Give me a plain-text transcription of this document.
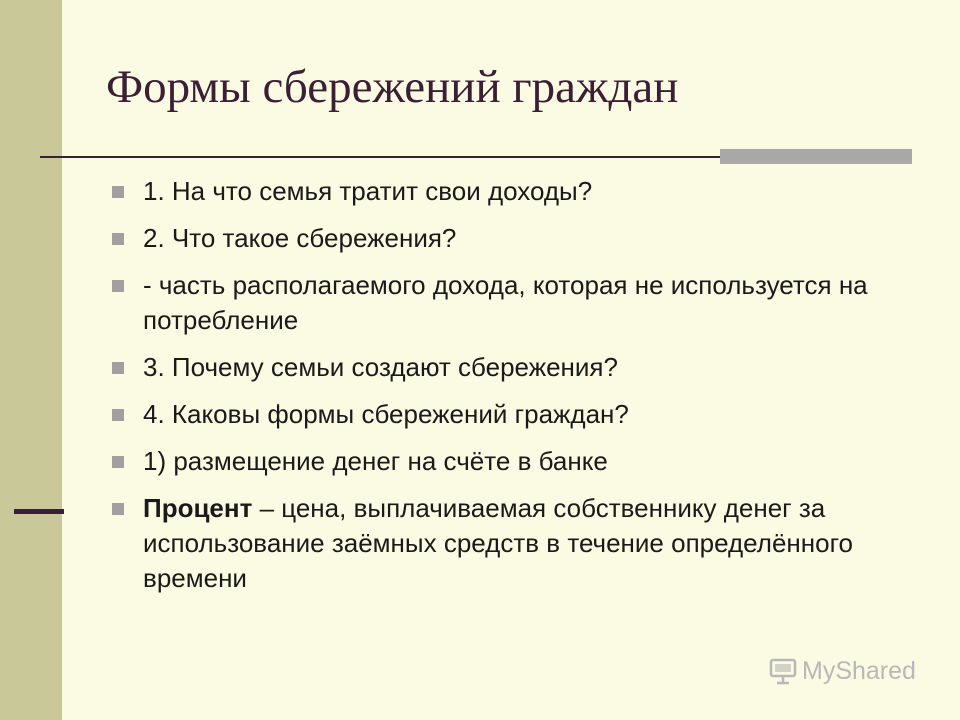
Формы сбережений граждан
1. На что семья тратит свои доходы?
2. Что такое сбережения?
- часть располагаемого дохода, которая не используется на потребление
3. Почему семьи создают сбережения?
4. Каковы формы сбережений граждан?
1) размещение денег на счёте в банке
Процент – цена, выплачиваемая собственнику денег за использование заёмных средств в течение определённого времени
MyShared
